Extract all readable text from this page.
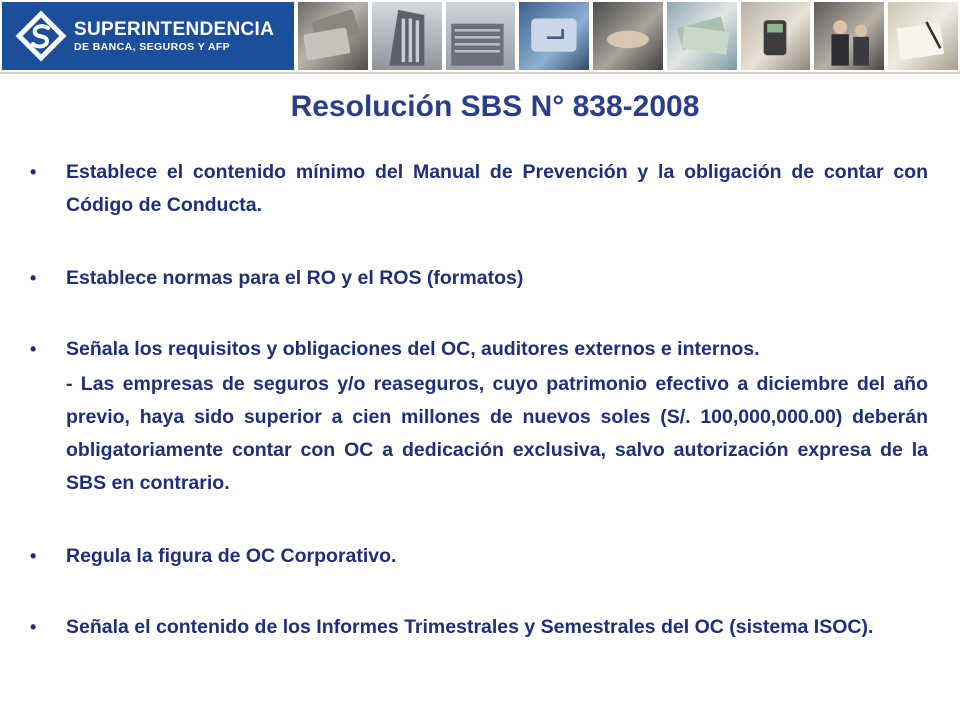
SUPERINTENDENCIA
DE BANCA, SEGUROS Y AFP
Resolución SBS N° 838-2008
• Establece el contenido mínimo del Manual de Prevención y la obligación de contar con Código de Conducta.
• Establece normas para el RO y el ROS (formatos)
• Señala los requisitos y obligaciones del OC, auditores externos e internos.
- Las empresas de seguros y/o reaseguros, cuyo patrimonio efectivo a diciembre del año previo, haya sido superior a cien millones de nuevos soles (S/. 100,000,000.00) deberán obligatoriamente contar con OC a dedicación exclusiva, salvo autorización expresa de la SBS en contrario.
• Regula la figura de OC Corporativo.
• Señala el contenido de los Informes Trimestrales y Semestrales del OC (sistema ISOC).
